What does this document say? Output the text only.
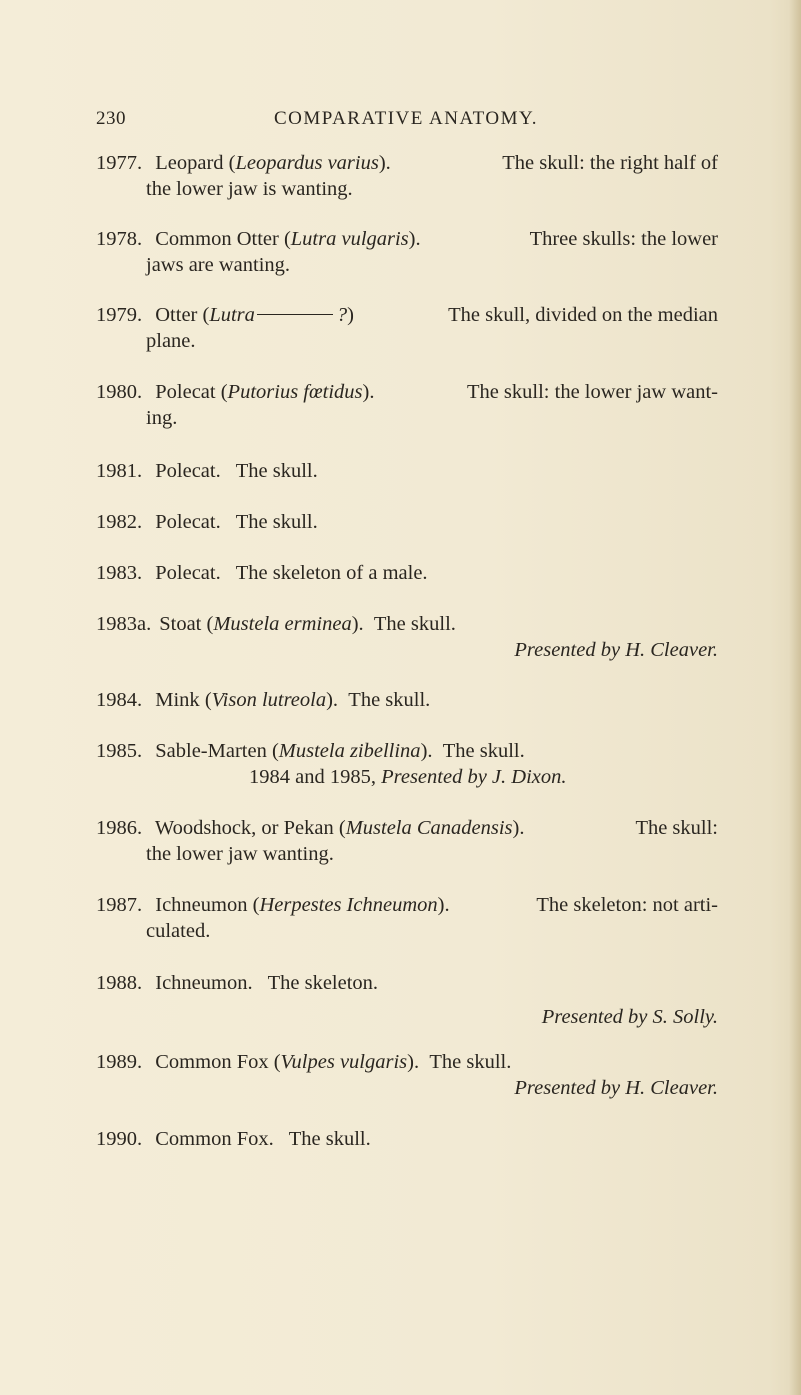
230	COMPARATIVE ANATOMY.
1977. Leopard (Leopardus varius).	The skull: the right half of
the lower jaw is wanting.
1978. Common Otter (Lutra vulgaris).	Three skulls: the lower
jaws are wanting.
1979. Otter (Lutra	?)	The skull, divided on the median
plane.
1980. Polecat (Putorius fœtidus).	The skull: the lower jaw want-
ing.
1981. Polecat.   The skull.
1982. Polecat.   The skull.
1983. Polecat.   The skeleton of a male.
1983a. Stoat (Mustela erminea).  The skull.
Presented by H. Cleaver.
1984. Mink (Vison lutreola).  The skull.
1985. Sable-Marten (Mustela zibellina).  The skull.
1984 and 1985, Presented by J. Dixon.
1986. Woodshock, or Pekan (Mustela Canadensis).	The skull:
the lower jaw wanting.
1987. Ichneumon (Herpestes Ichneumon).	The skeleton: not arti-
culated.
1988. Ichneumon.   The skeleton.
Presented by S. Solly.
1989. Common Fox (Vulpes vulgaris).  The skull.
Presented by H. Cleaver.
1990. Common Fox.   The skull.
